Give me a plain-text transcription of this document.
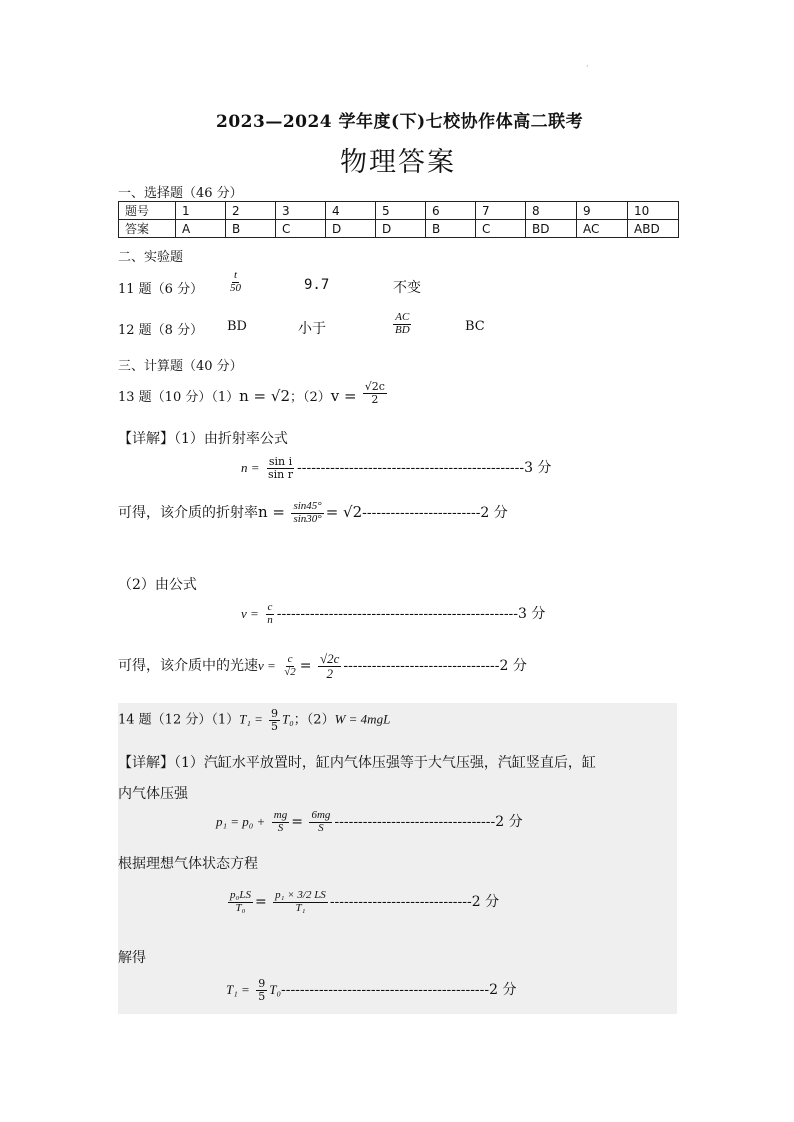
·
2023—2024 学年度(下)七校协作体高二联考
物理答案
一、选择题（46 分）
题号	1	2	3	4	5	6	7	8	9	10
答案	A	B	C	D	D	B	C	BD	AC	ABD
二、实验题
11 题（6 分） $\frac{t}{50}$	9.7	不变
12 题（8 分） BD	小于	$\frac{AC}{BD}$	BC
三、计算题（40 分）
13 题（10 分）（1）n = √2；$(2)v = \frac{√2c}{2}$
【详解】（1）由折射率公式
$n = \frac{\text{sin i}}{\text{sin r}} ------------------------------------------------3$ 分
可得，该介质的折射率$n = \frac{\sin 45^\circ}{\sin 30^\circ} = √2-------------------------2$ 分
（2）由公式
$v = \frac{c}{n} ---------------------------------------------------3$ 分
可得，该介质中的光速$v = \frac{c}{√2} = \frac{√2c}{2} ---------------------------------2$ 分
14 题（12 分）$(1)T_1 = \frac{9}{5} T_0$；（2）W = 4mgL
【详解】（1）汽缸水平放置时，缸内气体压强等于大气压强，汽缸竖直后，缸
内气体压强
$p_1 = p_0 + \frac{mg}{S} = \frac{6mg}{S} ----------------------------------2$ 分
根据理想气体状态方程
$\frac{\text{p₀LS}}{\text{T₀}} = \frac{\text{p₁ × 3/2 LS}}{\text{T₁}} ------------------------------2$ 分
解得
$T_1 = \frac{9}{5} T_0--------------------------------------------2$ 分
